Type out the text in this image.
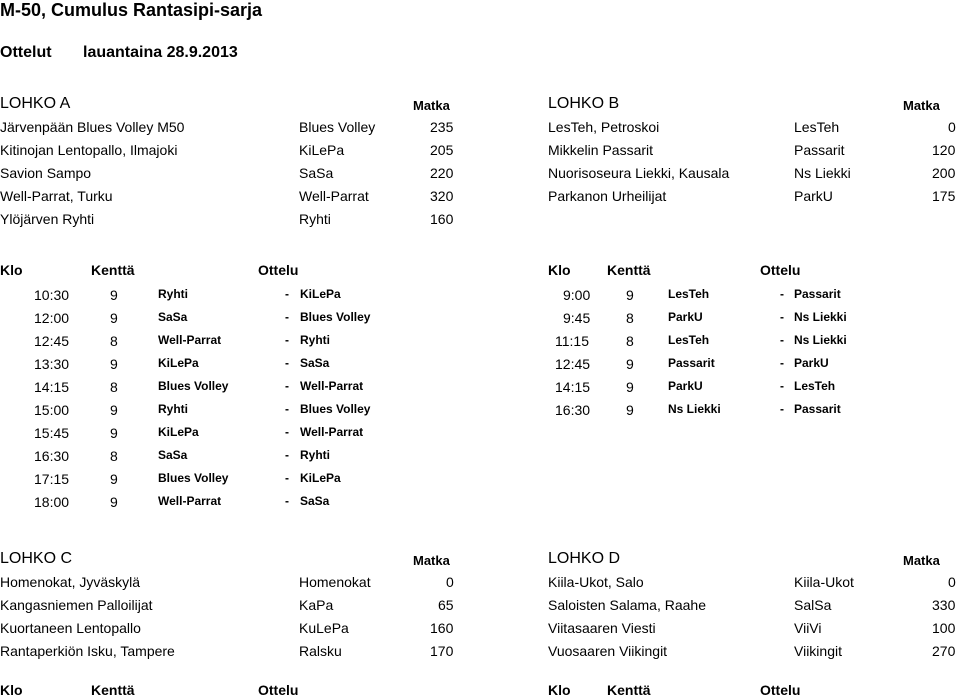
M-50, Cumulus Rantasipi-sarja
Ottelut lauantaina 28.9.2013
LOHKO A	Matka	LOHKO B	Matka
Järvenpään Blues Volley M50	Blues Volley	235
Kitinojan Lentopallo, Ilmajoki	KiLePa	205
Savion Sampo	SaSa	220
Well-Parrat, Turku	Well-Parrat	320
Ylöjärven Ryhti	Ryhti	160
LesTeh, Petroskoi	LesTeh	0
Mikkelin Passarit	Passarit	120
Nuorisoseura Liekki, Kausala	Ns Liekki	200
Parkanon Urheilijat	ParkU	175
Klo	Kenttä	Ottelu	Klo	Kenttä	Ottelu
10:30	9	Ryhti	- KiLePa
12:00	9	SaSa	- Blues Volley
12:45	8	Well-Parrat	- Ryhti
13:30	9	KiLePa	- SaSa
14:15	8	Blues Volley	- Well-Parrat
15:00	9	Ryhti	- Blues Volley
15:45	9	KiLePa	- Well-Parrat
16:30	8	SaSa	- Ryhti
17:15	9	Blues Volley	- KiLePa
18:00	9	Well-Parrat	- SaSa
9:00	9	LesTeh	- Passarit
9:45	8	ParkU	- Ns Liekki
11:15	8	LesTeh	- Ns Liekki
12:45	9	Passarit	- ParkU
14:15	9	ParkU	- LesTeh
16:30	9	Ns Liekki	- Passarit
LOHKO C	Matka	LOHKO D	Matka
Homenokat, Jyväskylä	Homenokat	0
Kangasniemen Palloilijat	KaPa	65
Kuortaneen Lentopallo	KuLePa	160
Rantaperkiön Isku, Tampere	Ralsku	170
Kiila-Ukot, Salo	Kiila-Ukot	0
Saloisten Salama, Raahe	SalSa	330
Viitasaaren Viesti	ViiVi	100
Vuosaaren Viikingit	Viikingit	270
Klo	Kenttä	Ottelu	Klo	Kenttä	Ottelu
